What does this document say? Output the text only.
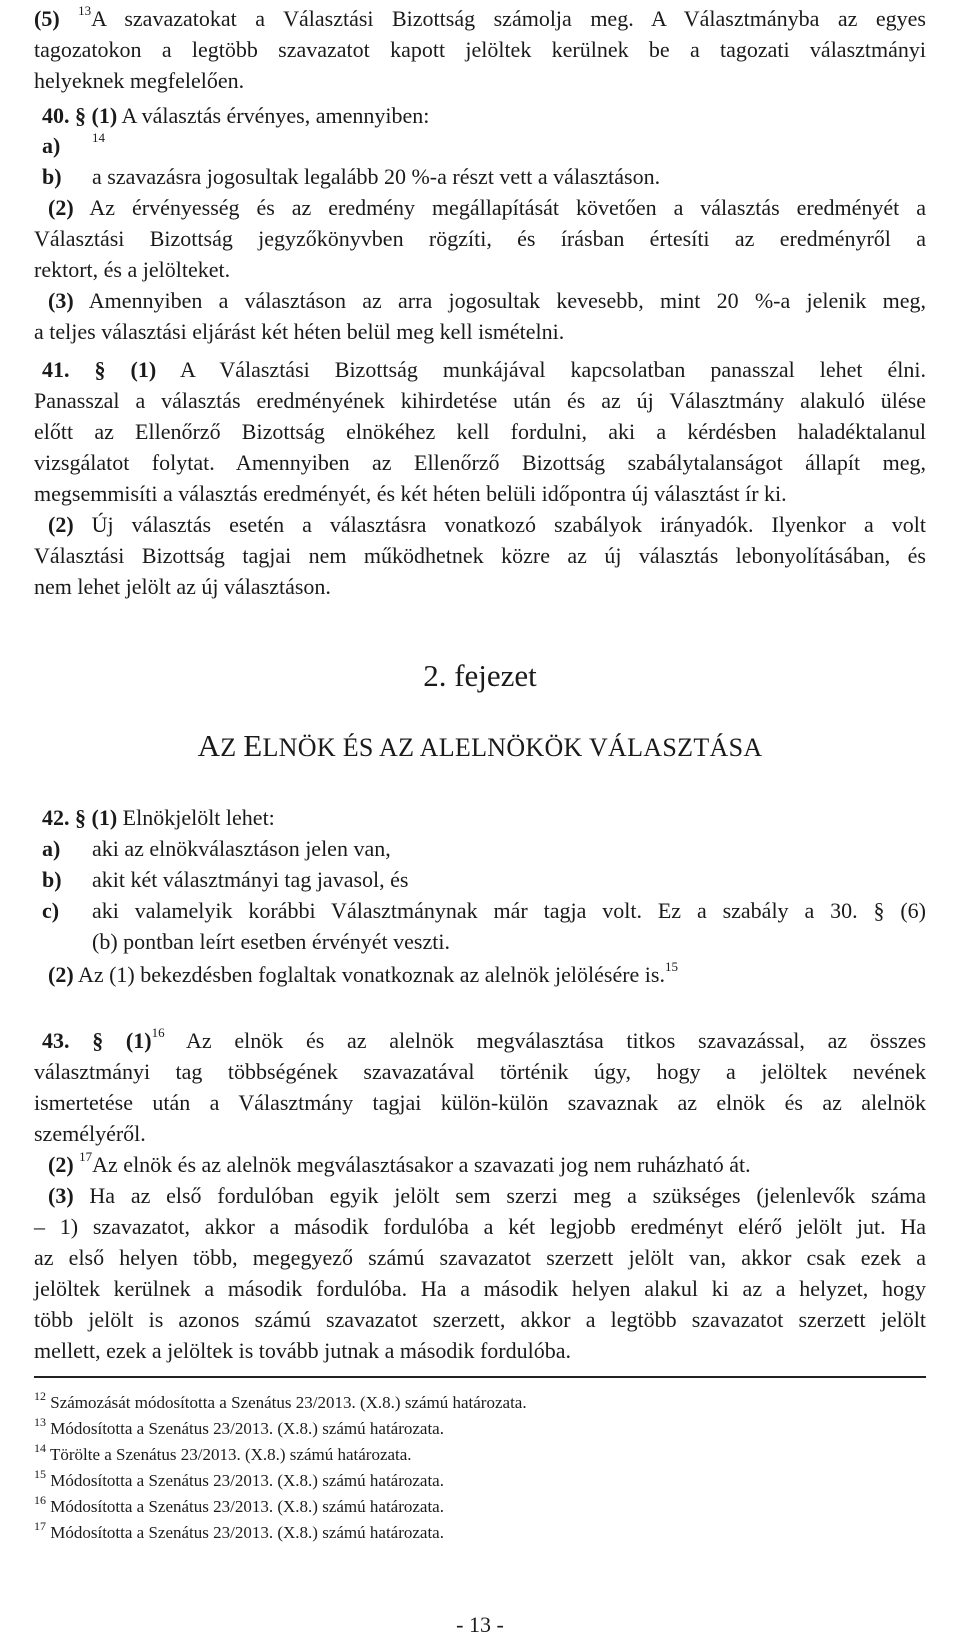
(5) $^{13}$A szavazatokat a Választási Bizottság számolja meg. A Választmányba az egyes
tagozatokon a legtöbb szavazatot kapott jelöltek kerülnek be a tagozati választmányi
helyeknek megfelelően.
40. § (1) A választás érvényes, amennyiben:
a) $^{14}$
b) a szavazásra jogosultak legalább 20 %-a részt vett a választáson.
(2) Az érvényesség és az eredmény megállapítását követően a választás eredményét a
Választási Bizottság jegyzőkönyvben rögzíti, és írásban értesíti az eredményről a
rektort, és a jelölteket.
(3) Amennyiben a választáson az arra jogosultak kevesebb, mint 20 %-a jelenik meg,
a teljes választási eljárást két héten belül meg kell ismételni.
41. § (1) A Választási Bizottság munkájával kapcsolatban panasszal lehet élni.
Panasszal a választás eredményének kihirdetése után és az új Választmány alakuló ülése
előtt az Ellenőrző Bizottság elnökéhez kell fordulni, aki a kérdésben haladéktalanul
vizsgálatot folytat. Amennyiben az Ellenőrző Bizottság szabálytalanságot állapít meg,
megsemmisíti a választás eredményét, és két héten belüli időpontra új választást ír ki.
(2) Új választás esetén a választásra vonatkozó szabályok irányadók. Ilyenkor a volt
Választási Bizottság tagjai nem működhetnek közre az új választás lebonyolításában, és
nem lehet jelölt az új választáson.
2. fejezet
AZ ELNÖK ÉS AZ ALELNÖKÖK VÁLASZTÁSA
42. § (1) Elnökjelölt lehet:
a) aki az elnökválasztáson jelen van,
b) akit két választmányi tag javasol, és
c) aki valamelyik korábbi Választmánynak már tagja volt. Ez a szabály a 30. § (6)
(b) pontban leírt esetben érvényét veszti.
(2) Az (1) bekezdésben foglaltak vonatkoznak az alelnök jelölésére is.$^{15}$
43. § $(1)^{16}$ Az elnök és az alelnök megválasztása titkos szavazással, az összes
választmányi tag többségének szavazatával történik úgy, hogy a jelöltek nevének
ismertetése után a Választmány tagjai külön-külön szavaznak az elnök és az alelnök
személyéről.
(2) $^{17}$Az elnök és az alelnök megválasztásakor a szavazati jog nem ruházható át.
(3) Ha az első fordulóban egyik jelölt sem szerzi meg a szükséges (jelenlevők száma
– 1) szavazatot, akkor a második fordulóba a két legjobb eredményt elérő jelölt jut. Ha
az első helyen több, megegyező számú szavazatot szerzett jelölt van, akkor csak ezek a
jelöltek kerülnek a második fordulóba. Ha a második helyen alakul ki az a helyzet, hogy
több jelölt is azonos számú szavazatot szerzett, akkor a legtöbb szavazatot szerzett jelölt
mellett, ezek a jelöltek is tovább jutnak a második fordulóba.
$^{12}$ Számozását módosította a Szenátus 23/2013. (X.8.) számú határozata.
$^{13}$ Módosította a Szenátus 23/2013. (X.8.) számú határozata.
$^{14}$ Törölte a Szenátus 23/2013. (X.8.) számú határozata.
$^{15}$ Módosította a Szenátus 23/2013. (X.8.) számú határozata.
$^{16}$ Módosította a Szenátus 23/2013. (X.8.) számú határozata.
$^{17}$ Módosította a Szenátus 23/2013. (X.8.) számú határozata.
- 13 -
